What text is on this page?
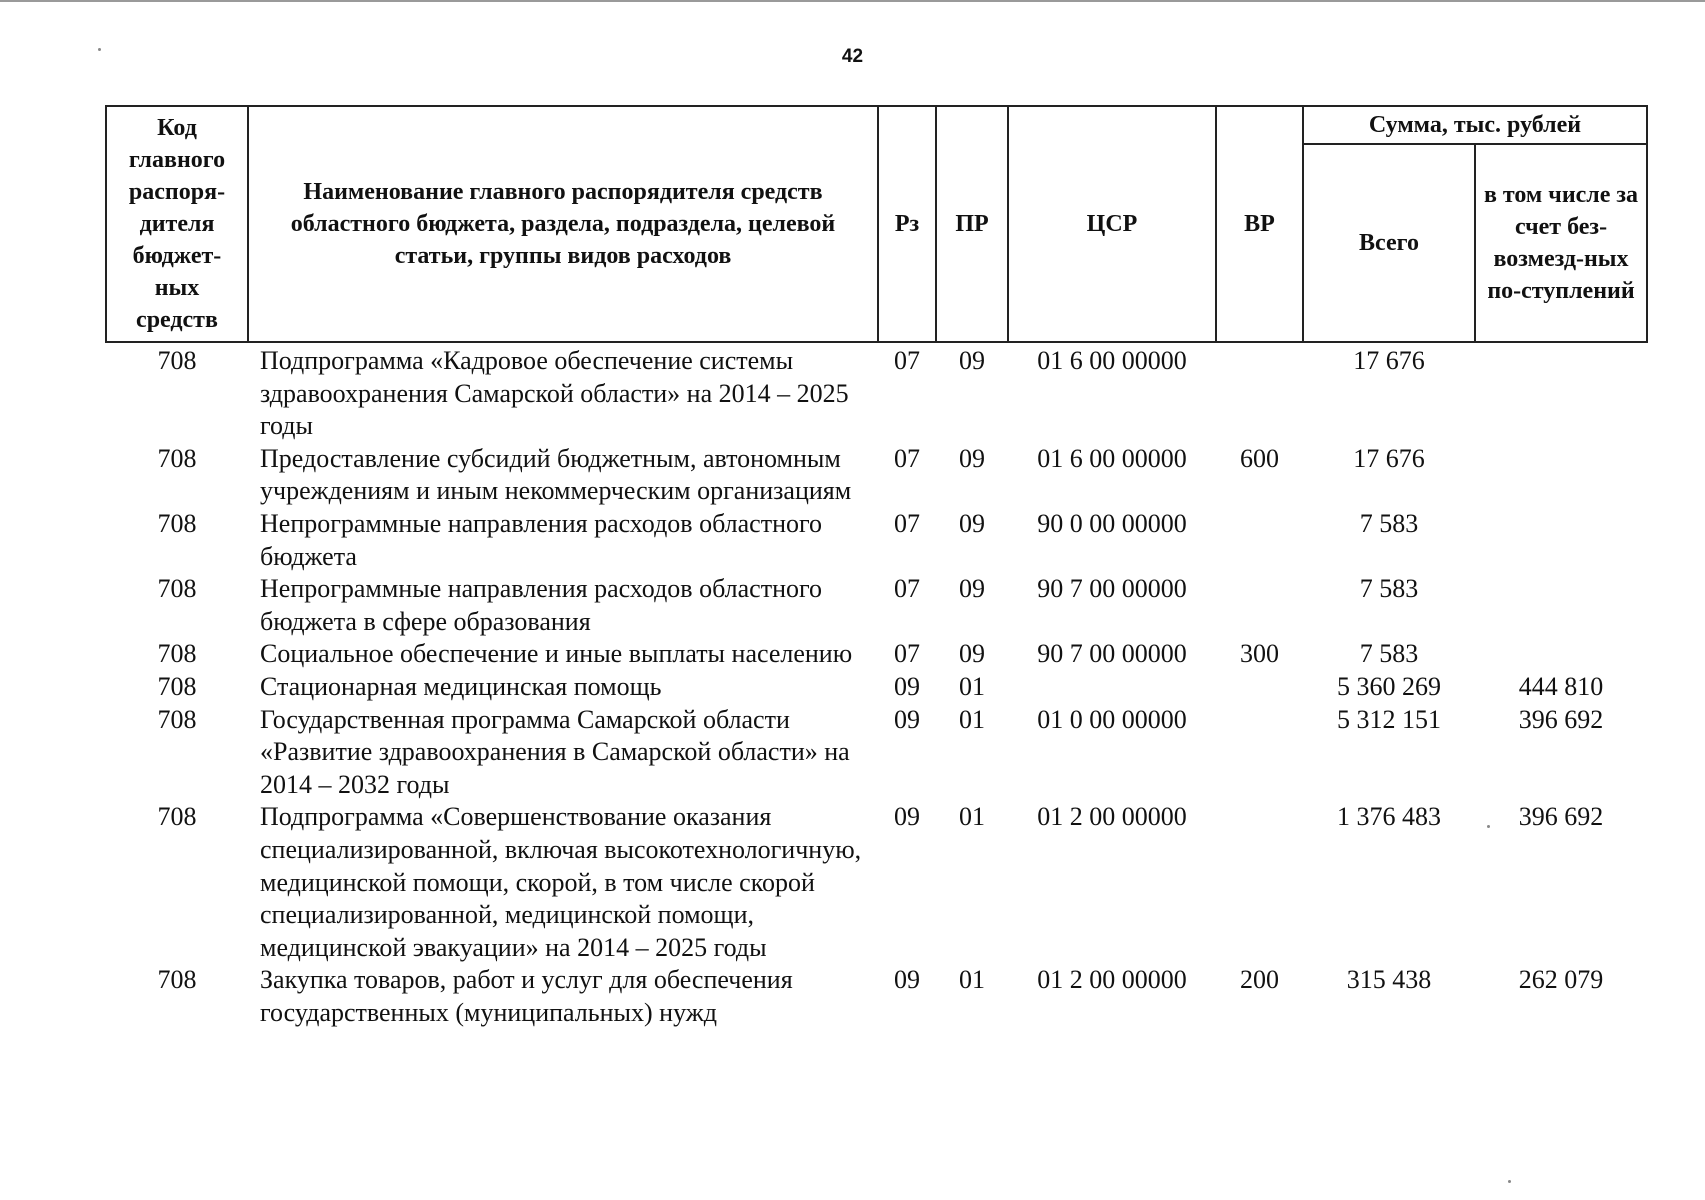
42
Код главного распоря-дителя бюджет-ных средств	Наименование главного распорядителя средств областного бюджета, раздела, подраздела, целевой статьи, группы видов расходов	Рз	ПР	ЦСР	ВР	Сумма, тыс. рублей	
						Всего	в том числе за счет без-возмезд-ных по-ступлений
708	Подпрограмма «Кадровое обеспечение системы здравоохранения Самарской области» на 2014 – 2025 годы	07	09	01 6 00 00000		17 676	
708	Предоставление субсидий бюджетным, автономным учреждениям и иным некоммерческим организациям	07	09	01 6 00 00000	600	17 676	
708	Непрограммные направления расходов областного бюджета	07	09	90 0 00 00000		7 583	
708	Непрограммные направления расходов областного бюджета в сфере образования	07	09	90 7 00 00000		7 583	
708	Социальное обеспечение и иные выплаты населению	07	09	90 7 00 00000	300	7 583	
708	Стационарная медицинская помощь	09	01			5 360 269	444 810
708	Государственная программа Самарской области «Развитие здравоохранения в Самарской области» на 2014 – 2032 годы	09	01	01 0 00 00000		5 312 151	396 692
708	Подпрограмма «Совершенствование оказания специализированной, включая высокотехнологичную, медицинской помощи, скорой, в том числе скорой специализированной, медицинской помощи, медицинской эвакуации» на 2014 – 2025 годы	09	01	01 2 00 00000		1 376 483	396 692
708	Закупка товаров, работ и услуг для обеспечения государственных (муниципальных) нужд	09	01	01 2 00 00000	200	315 438	262 079
